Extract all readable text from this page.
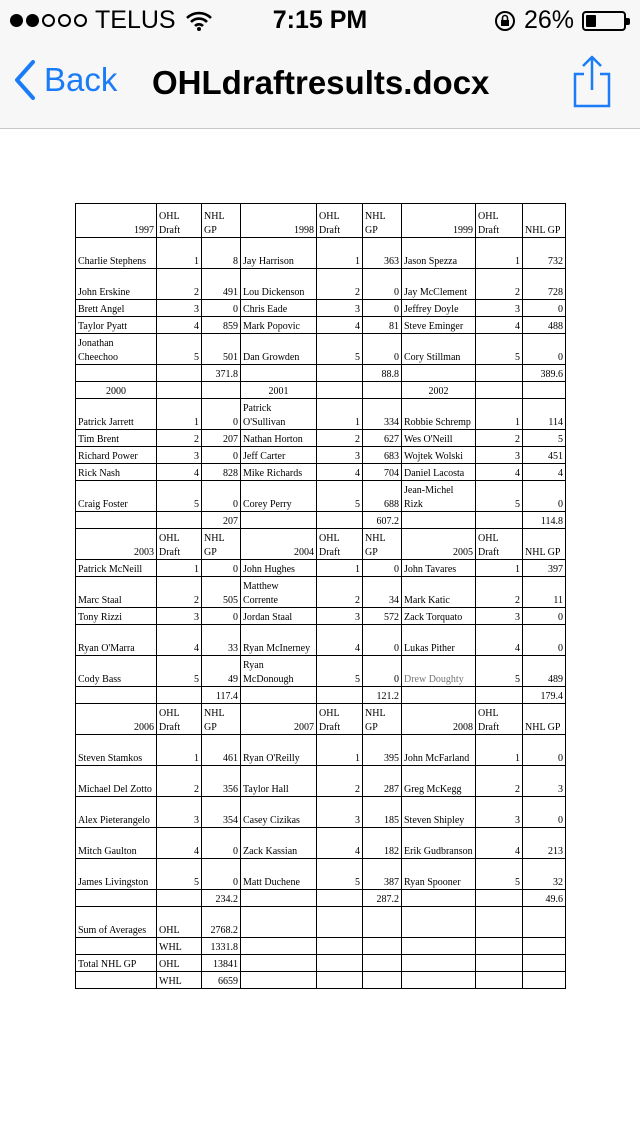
TELUS	7:15 PM	26%
Back OHLdraftresults.docx
1997	OHL Draft	NHL GP	1998	OHL Draft	NHL GP	1999	OHL Draft	NHL GP
Charlie Stephens	1	8	Jay Harrison	1	363	Jason Spezza	1	732
John Erskine	2	491	Lou Dickenson	2	0	Jay McClement	2	728
Brett Angel	3	0	Chris Eade	3	0	Jeffrey Doyle	3	0
Taylor Pyatt	4	859	Mark Popovic	4	81	Steve Eminger	4	488
Jonathan Cheechoo	5	501	Dan Growden	5	0	Cory Stillman	5	0
		371.8			88.8			389.6
2000			2001			2002		
Patrick Jarrett	1	0	Patrick O'Sullivan	1	334	Robbie Schremp	1	114
Tim Brent	2	207	Nathan Horton	2	627	Wes O'Neill	2	5
Richard Power	3	0	Jeff Carter	3	683	Wojtek Wolski	3	451
Rick Nash	4	828	Mike Richards	4	704	Daniel Lacosta	4	4
Craig Foster	5	0	Corey Perry	5	688	Jean-Michel Rizk	5	0
		207			607.2			114.8
2003	OHL Draft	NHL GP	2004	OHL Draft	NHL GP	2005	OHL Draft	NHL GP
Patrick McNeill	1	0	John Hughes	1	0	John Tavares	1	397
Marc Staal	2	505	Matthew Corrente	2	34	Mark Katic	2	11
Tony Rizzi	3	0	Jordan Staal	3	572	Zack Torquato	3	0
Ryan O'Marra	4	33	Ryan McInerney	4	0	Lukas Pither	4	0
Cody Bass	5	49	Ryan McDonough	5	0	Drew Doughty	5	489
		117.4			121.2			179.4
2006	OHL Draft	NHL GP	2007	OHL Draft	NHL GP	2008	OHL Draft	NHL GP
Steven Stamkos	1	461	Ryan O'Reilly	1	395	John McFarland	1	0
Michael Del Zotto	2	356	Taylor Hall	2	287	Greg McKegg	2	3
Alex Pieterangelo	3	354	Casey Cizikas	3	185	Steven Shipley	3	0
Mitch Gaulton	4	0	Zack Kassian	4	182	Erik Gudbranson	4	213
James Livingston	5	0	Matt Duchene	5	387	Ryan Spooner	5	32
		234.2			287.2			49.6
Sum of Averages	OHL	2768.2						
	WHL	1331.8						
Total NHL GP	OHL	13841						
	WHL	6659						
